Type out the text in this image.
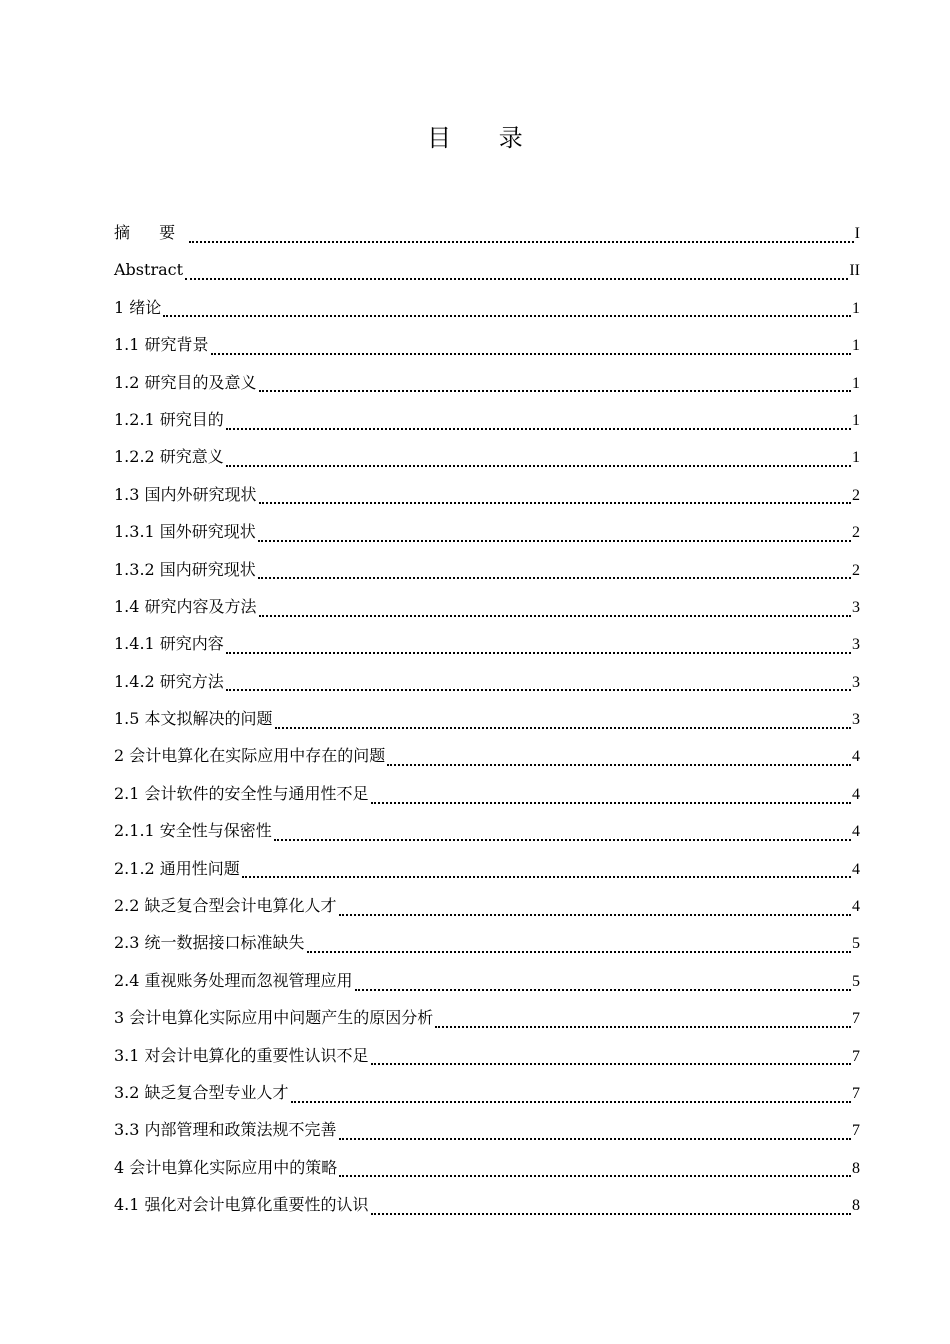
目 录
摘 要	I
Abstract	II
1 绪论	1
1.1 研究背景	1
1.2 研究目的及意义	1
1.2.1 研究目的	1
1.2.2 研究意义	1
1.3 国内外研究现状	2
1.3.1 国外研究现状	2
1.3.2 国内研究现状	2
1.4 研究内容及方法	3
1.4.1 研究内容	3
1.4.2 研究方法	3
1.5 本文拟解决的问题	3
2 会计电算化在实际应用中存在的问题	4
2.1 会计软件的安全性与通用性不足	4
2.1.1 安全性与保密性	4
2.1.2 通用性问题	4
2.2 缺乏复合型会计电算化人才	4
2.3 统一数据接口标准缺失	5
2.4 重视账务处理而忽视管理应用	5
3 会计电算化实际应用中问题产生的原因分析	7
3.1 对会计电算化的重要性认识不足	7
3.2 缺乏复合型专业人才	7
3.3 内部管理和政策法规不完善	7
4 会计电算化实际应用中的策略	8
4.1 强化对会计电算化重要性的认识	8
